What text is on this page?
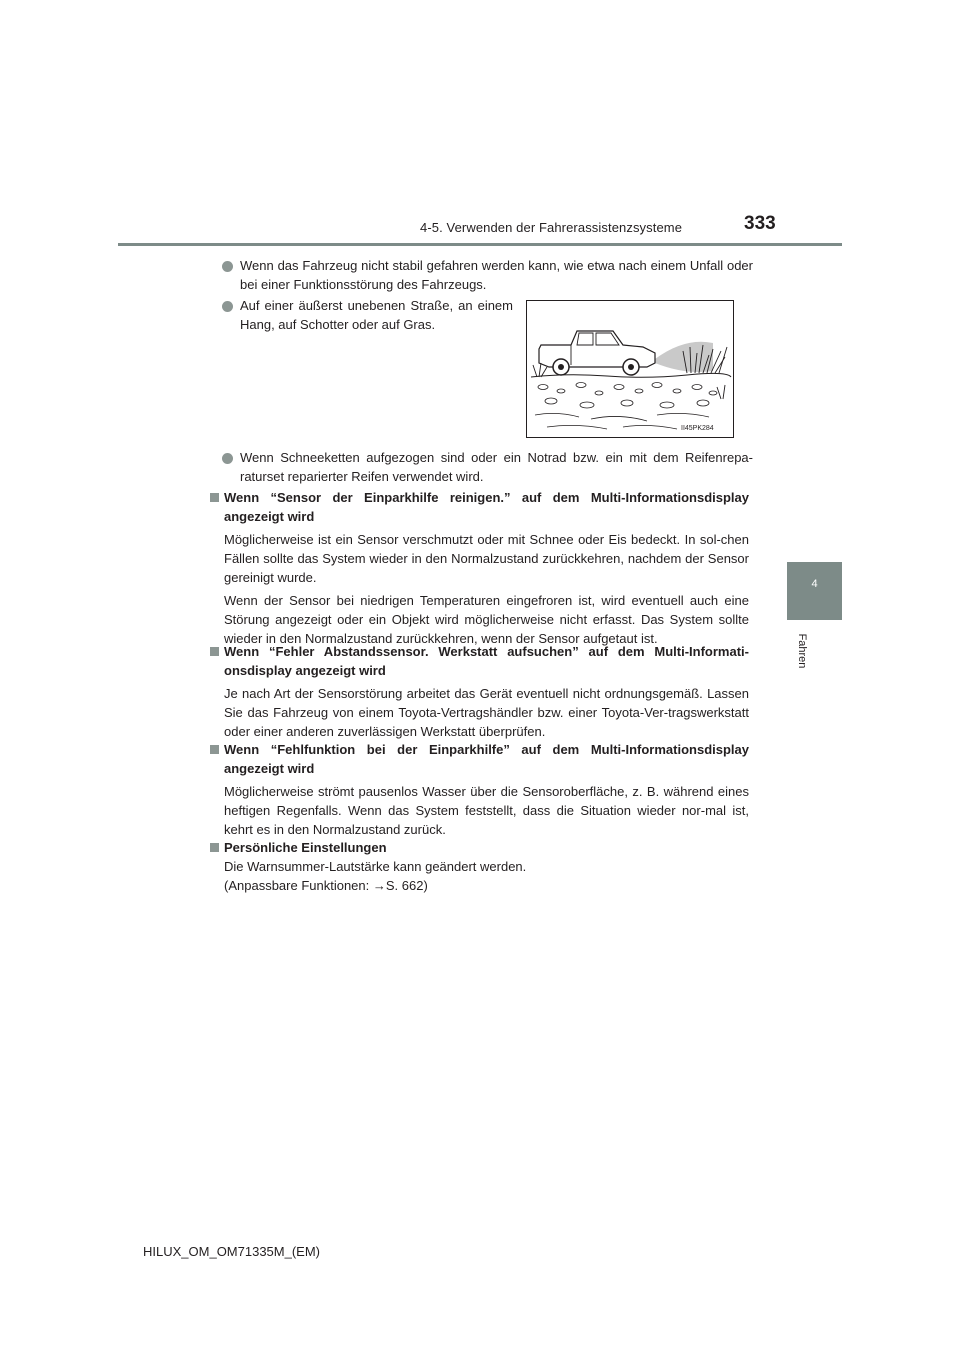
4-5. Verwenden der Fahrerassistenzsysteme	333
4
Fahren
Wenn das Fahrzeug nicht stabil gefahren werden kann, wie etwa nach einem Unfall oder bei einer Funktionsstörung des Fahrzeugs.
Auf einer äußerst unebenen Straße, an einem Hang, auf Schotter oder auf Gras.
II45PK284
Wenn Schneeketten aufgezogen sind oder ein Notrad bzw. ein mit dem Reifenrepa-raturset reparierter Reifen verwendet wird.
Wenn “Sensor der Einparkhilfe reinigen.” auf dem Multi-Informationsdisplay angezeigt wird
Möglicherweise ist ein Sensor verschmutzt oder mit Schnee oder Eis bedeckt. In sol-chen Fällen sollte das System wieder in den Normalzustand zurückkehren, nachdem der Sensor gereinigt wurde.
Wenn der Sensor bei niedrigen Temperaturen eingefroren ist, wird eventuell auch eine Störung angezeigt oder ein Objekt wird möglicherweise nicht erfasst. Das System sollte wieder in den Normalzustand zurückkehren, wenn der Sensor aufgetaut ist.
Wenn “Fehler Abstandssensor. Werkstatt aufsuchen” auf dem Multi-Informati-onsdisplay angezeigt wird
Je nach Art der Sensorstörung arbeitet das Gerät eventuell nicht ordnungsgemäß. Lassen Sie das Fahrzeug von einem Toyota-Vertragshändler bzw. einer Toyota-Ver-tragswerkstatt oder einer anderen zuverlässigen Werkstatt überprüfen.
Wenn “Fehlfunktion bei der Einparkhilfe” auf dem Multi-Informationsdisplay angezeigt wird
Möglicherweise strömt pausenlos Wasser über die Sensoroberfläche, z. B. während eines heftigen Regenfalls. Wenn das System feststellt, dass die Situation wieder nor-mal ist, kehrt es in den Normalzustand zurück.
Persönliche Einstellungen
Die Warnsummer-Lautstärke kann geändert werden.
(Anpassbare Funktionen: →S. 662)
HILUX_OM_OM71335M_(EM)
